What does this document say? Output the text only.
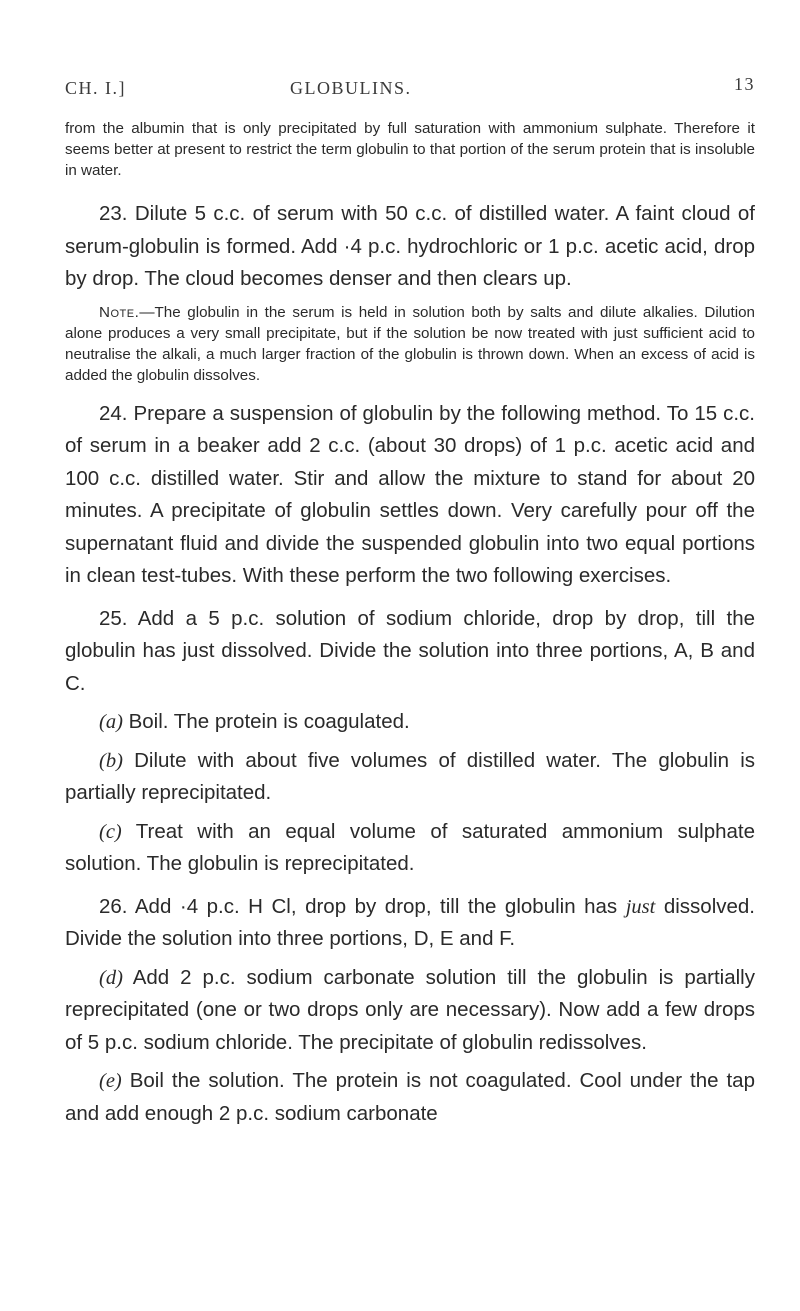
CH. I.]	GLOBULINS.	13

from the albumin that is only precipitated by full saturation with ammonium sulphate. Therefore it seems better at present to restrict the term globulin to that portion of the serum protein that is insoluble in water.

23. Dilute 5 c.c. of serum with 50 c.c. of distilled water. A faint cloud of serum-globulin is formed. Add ·4 p.c. hydrochloric or 1 p.c. acetic acid, drop by drop. The cloud becomes denser and then clears up.

Note.—The globulin in the serum is held in solution both by salts and dilute alkalies. Dilution alone produces a very small precipitate, but if the solution be now treated with just sufficient acid to neutralise the alkali, a much larger fraction of the globulin is thrown down. When an excess of acid is added the globulin dissolves.

24. Prepare a suspension of globulin by the following method. To 15 c.c. of serum in a beaker add 2 c.c. (about 30 drops) of 1 p.c. acetic acid and 100 c.c. distilled water. Stir and allow the mixture to stand for about 20 minutes. A precipitate of globulin settles down. Very carefully pour off the supernatant fluid and divide the suspended globulin into two equal portions in clean test-tubes. With these perform the two following exercises.

25. Add a 5 p.c. solution of sodium chloride, drop by drop, till the globulin has just dissolved. Divide the solution into three portions, A, B and C.

(a) Boil. The protein is coagulated.

(b) Dilute with about five volumes of distilled water. The globulin is partially reprecipitated.

(c) Treat with an equal volume of saturated ammonium sulphate solution. The globulin is reprecipitated.

26. Add ·4 p.c. H Cl, drop by drop, till the globulin has just dissolved. Divide the solution into three portions, D, E and F.

(d) Add 2 p.c. sodium carbonate solution till the globulin is partially reprecipitated (one or two drops only are necessary). Now add a few drops of 5 p.c. sodium chloride. The precipitate of globulin redissolves.

(e) Boil the solution. The protein is not coagulated. Cool under the tap and add enough 2 p.c. sodium carbonate
